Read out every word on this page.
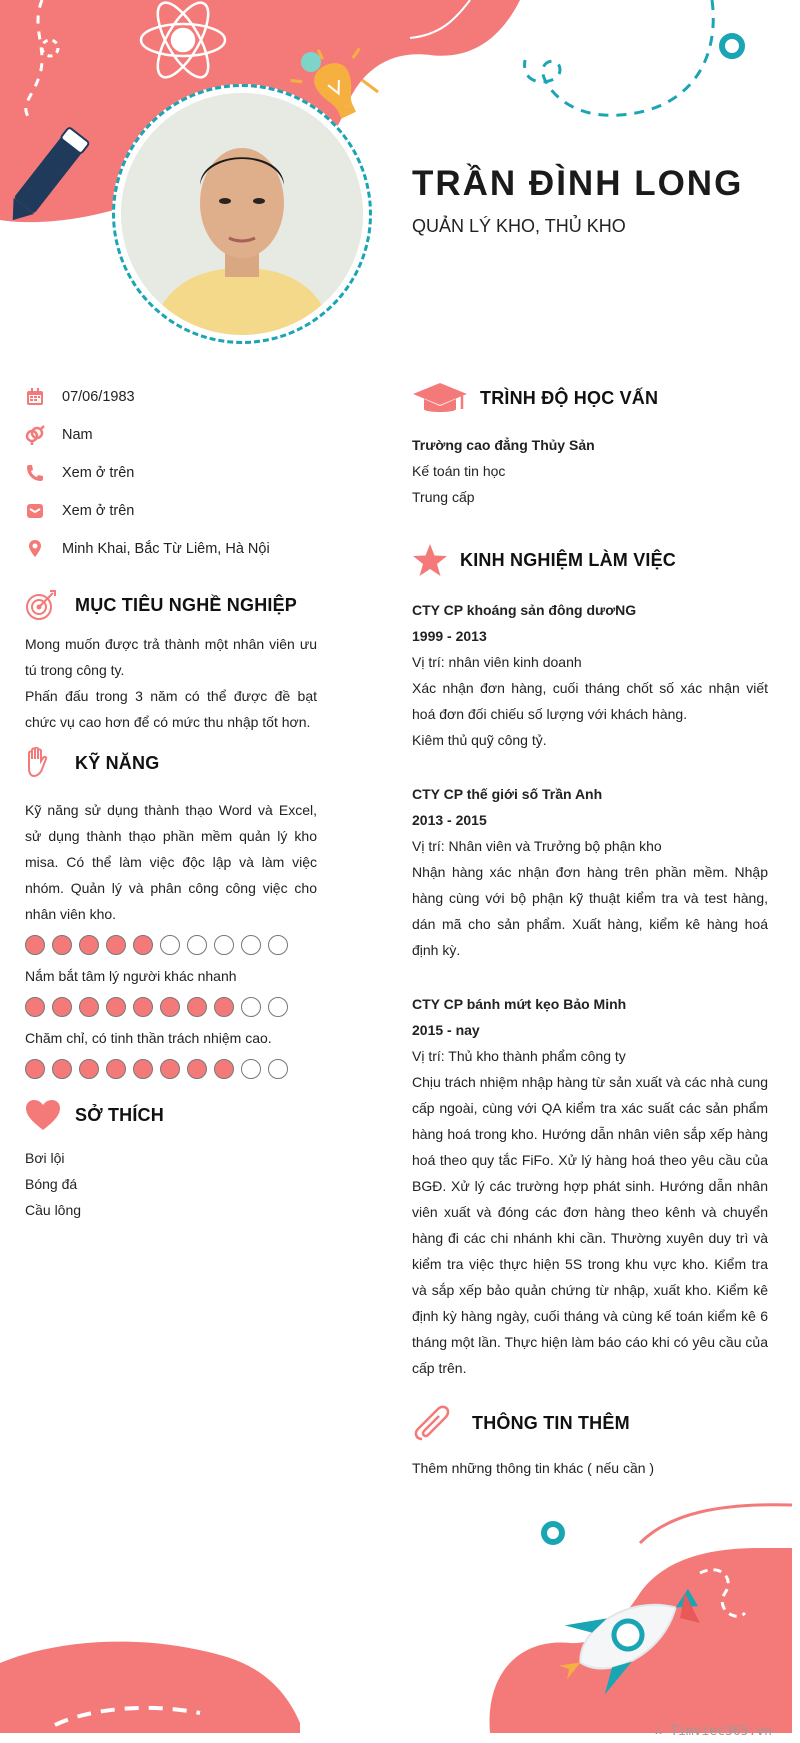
TRẦN ĐÌNH LONG

QUẢN LÝ KHO, THỦ KHO

07/06/1983
Nam
Xem ở trên
Xem ở trên
Minh Khai, Bắc Từ Liêm, Hà Nội
MỤC TIÊU NGHỀ NGHIỆP

Mong muốn được trả thành một nhân viên ưu tú trong công ty.

Phấn đấu trong 3 năm có thể được đề bạt chức vụ cao hơn để có mức thu nhập tốt hơn.

KỸ NĂNG

Kỹ năng sử dụng thành thạo Word và Excel, sử dụng thành thạo phần mềm quản lý kho misa. Có thể làm việc độc lập và làm việc nhóm. Quản lý và phân công công việc cho nhân viên kho.

Nắm bắt tâm lý người khác nhanh

Chăm chỉ, có tinh thần trách nhiệm cao.

SỞ THÍCH

Bơi lội

Bóng đá

Cầu lông

TRÌNH ĐỘ HỌC VẤN

Trường cao đẳng Thủy Sản

Kế toán tin học

Trung cấp

KINH NGHIỆM LÀM VIỆC

CTY CP khoáng sản đông dươNG

1999 - 2013

Vị trí: nhân viên kinh doanh

Xác nhận đơn hàng, cuối tháng chốt số xác nhận viết hoá đơn đối chiếu số lượng với khách hàng.

Kiêm thủ quỹ công tỷ.

CTY CP thế giới số Trần Anh

2013 - 2015

Vị trí: Nhân viên và Trưởng bộ phận kho

Nhận hàng xác nhận đơn hàng trên phần mềm. Nhập hàng cùng với bộ phận kỹ thuật kiểm tra và test hàng, dán mã cho sản phẩm. Xuất hàng, kiểm kê hàng hoá định kỳ.

CTY CP bánh mứt kẹo Bảo Minh

2015 - nay

Vị trí: Thủ kho thành phẩm công ty

Chịu trách nhiệm nhập hàng từ sản xuất và các nhà cung cấp ngoài, cùng với QA kiểm tra xác suất các sản phẩm hàng hoá trong kho. Hướng dẫn nhân viên sắp xếp hàng hoá theo quy tắc FiFo. Xử lý hàng hoá theo yêu cầu của BGĐ. Xử lý các trường hợp phát sinh. Hướng dẫn nhân viên xuất và đóng các đơn hàng theo kênh và chuyển hàng đi các chi nhánh khi cần. Thường xuyên duy trì và kiểm tra việc thực hiện 5S trong khu vực kho. Kiểm tra và sắp xếp bảo quản chứng từ nhập, xuất kho. Kiểm kê định kỳ hàng ngày, cuối tháng và cùng kế toán kiểm kê 6 tháng một lần. Thực hiện làm báo cáo khi có yêu cầu của cấp trên.

THÔNG TIN THÊM

Thêm những thông tin khác ( nếu cần )

∴ Timviec365.vn
